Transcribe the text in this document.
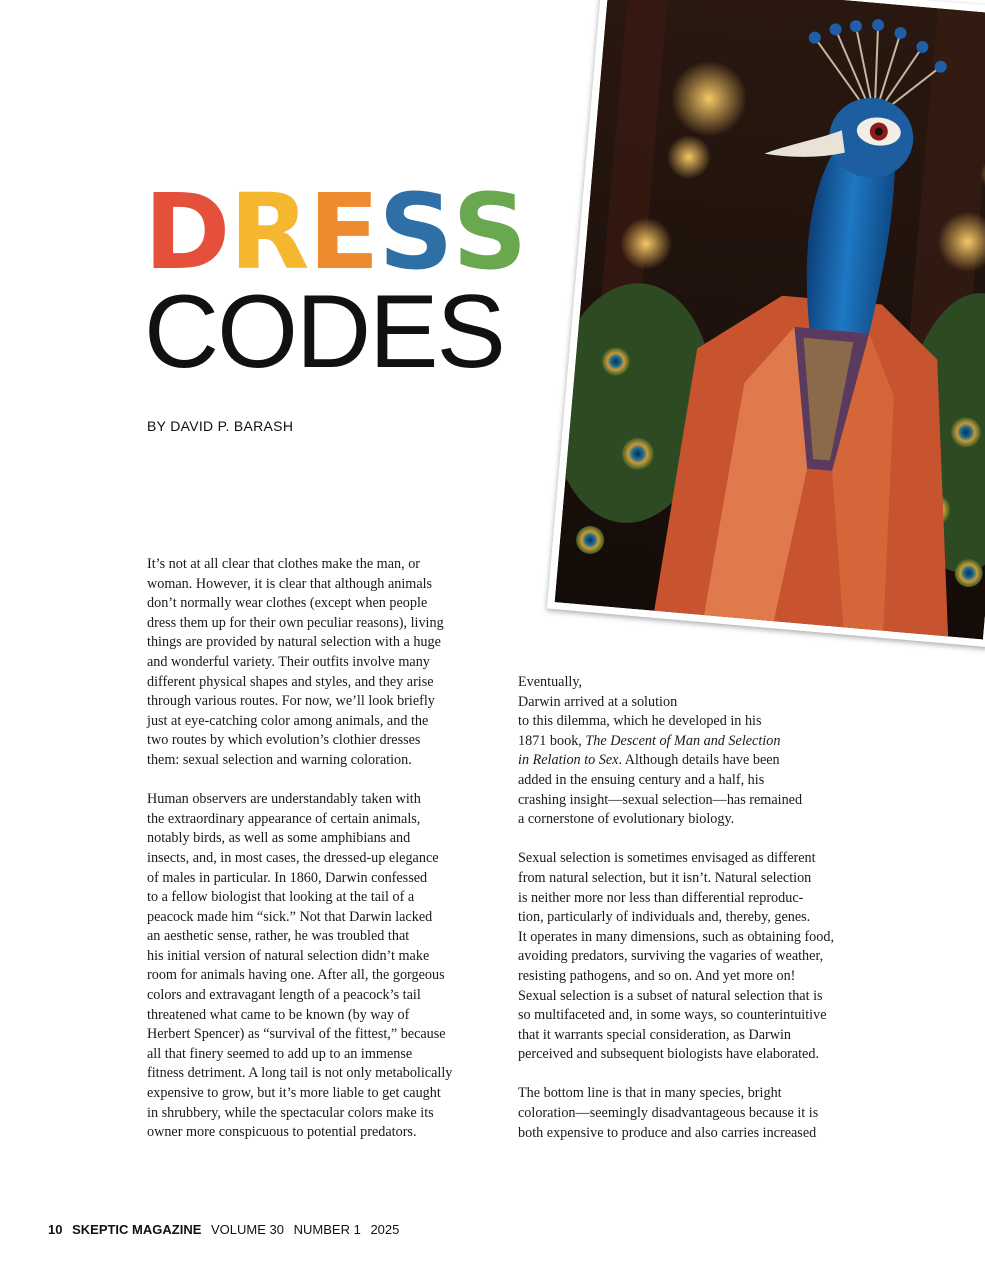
DRESS
CODES

BY DAVID P. BARASH

It’s not at all clear that clothes make the man, or
woman. However, it is clear that although animals
don’t normally wear clothes (except when people
dress them up for their own peculiar reasons), living
things are provided by natural selection with a huge
and wonderful variety. Their outfits involve many
different physical shapes and styles, and they arise
through various routes. For now, we’ll look briefly
just at eye-catching color among animals, and the
two routes by which evolution’s clothier dresses
them: sexual selection and warning coloration.

Human observers are understandably taken with
the extraordinary appearance of certain animals,
notably birds, as well as some amphibians and
insects, and, in most cases, the dressed-up elegance
of males in particular. In 1860, Darwin confessed
to a fellow biologist that looking at the tail of a
peacock made him “sick.” Not that Darwin lacked
an aesthetic sense, rather, he was troubled that
his initial version of natural selection didn’t make
room for animals having one. After all, the gorgeous
colors and extravagant length of a peacock’s tail
threatened what came to be known (by way of
Herbert Spencer) as “survival of the fittest,” because
all that finery seemed to add up to an immense
fitness detriment. A long tail is not only metabolically
expensive to grow, but it’s more liable to get caught
in shrubbery, while the spectacular colors make its
owner more conspicuous to potential predators.

Eventually,
Darwin arrived at a solution
to this dilemma, which he developed in his
1871 book, The Descent of Man and Selection
in Relation to Sex. Although details have been
added in the ensuing century and a half, his
crashing insight—sexual selection—has remained
a cornerstone of evolutionary biology.

Sexual selection is sometimes envisaged as different
from natural selection, but it isn’t. Natural selection
is neither more nor less than differential reproduc-
tion, particularly of individuals and, thereby, genes.
It operates in many dimensions, such as obtaining food,
avoiding predators, surviving the vagaries of weather,
resisting pathogens, and so on. And yet more on!
Sexual selection is a subset of natural selection that is
so multifaceted and, in some ways, so counterintuitive
that it warrants special consideration, as Darwin
perceived and subsequent biologists have elaborated.

The bottom line is that in many species, bright
coloration—seemingly disadvantageous because it is
both expensive to produce and also carries increased

10 SKEPTIC MAGAZINE VOLUME 30 NUMBER 1 2025
